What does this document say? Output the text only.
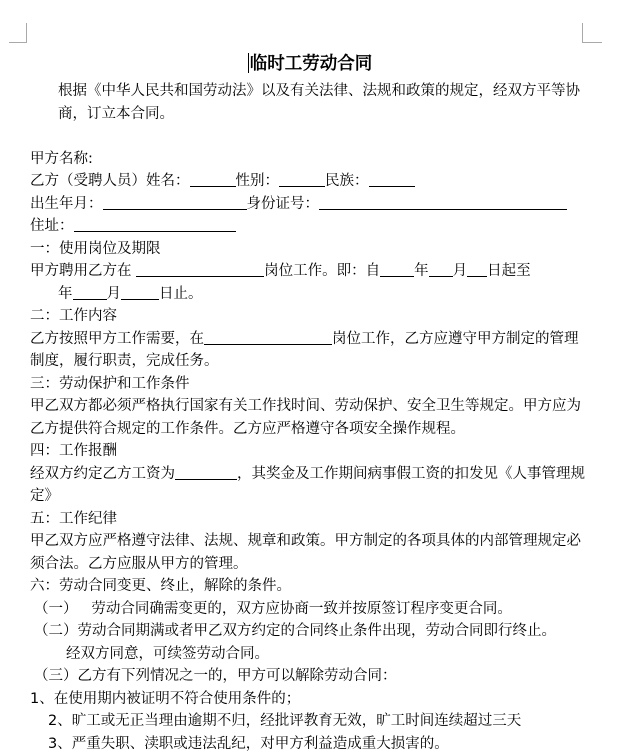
临时工劳动合同
根据《中华人民共和国劳动法》以及有关法律、法规和政策的规定，经双方平等协商，订立本合同。
甲方名称:
乙方（受聘人员）姓名：	性别：	民族：
出生年月：	身份证号：
住址：
一：使用岗位及期限
甲方聘用乙方在	岗位工作。即：自 年 月 日起至
年 月	日止。
二：工作内容
乙方按照甲方工作需要，在	岗位工作，乙方应遵守甲方制定的管理制度，履行职责，完成任务。
三：劳动保护和工作条件
甲乙双方都必须严格执行国家有关工作找时间、劳动保护、安全卫生等规定。甲方应为乙方提供符合规定的工作条件。乙方应严格遵守各项安全操作规程。
四：工作报酬
经双方约定乙方工资为	，其奖金及工作期间病事假工资的扣发见《人事管理规定》
五：工作纪律
甲乙双方应严格遵守法律、法规、规章和政策。甲方制定的各项具体的内部管理规定必须合法。乙方应服从甲方的管理。
六：劳动合同变更、终止，解除的条件。
（一） 劳动合同确需变更的，双方应协商一致并按原签订程序变更合同。
（二）劳动合同期满或者甲乙双方约定的合同终止条件出现，劳动合同即行终止。
经双方同意，可续签劳动合同。
（三）乙方有下列情况之一的，甲方可以解除劳动合同：
1、在使用期内被证明不符合使用条件的；
2、旷工或无正当理由逾期不归，经批评教育无效，旷工时间连续超过三天
3、严重失职、渎职或违法乱纪，对甲方利益造成重大损害的。
